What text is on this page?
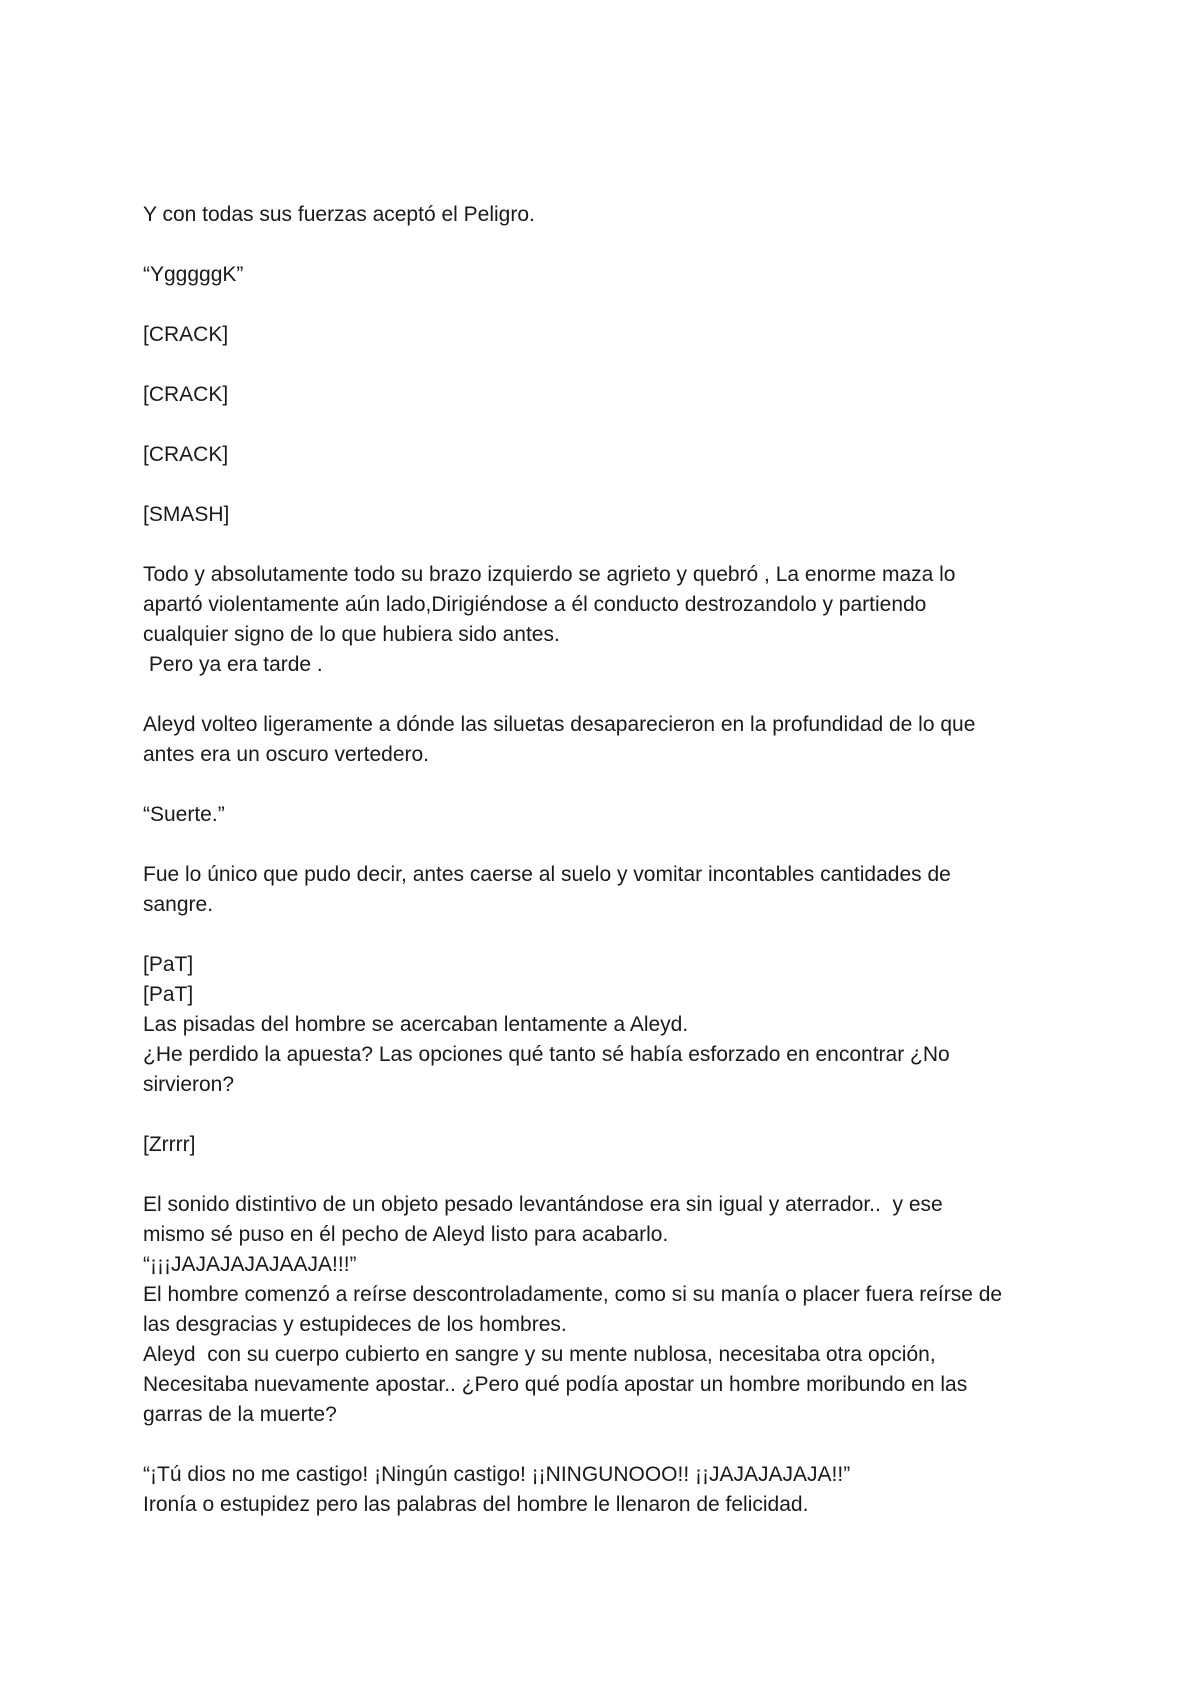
Y con todas sus fuerzas aceptó el Peligro.
“YgggggK”
[CRACK]
[CRACK]
[CRACK]
[SMASH]
Todo y absolutamente todo su brazo izquierdo se agrieto y quebró , La enorme maza lo
apartó violentamente aún lado,Dirigiéndose a él conducto destrozandolo y partiendo
cualquier signo de lo que hubiera sido antes.
Pero ya era tarde .
Aleyd volteo ligeramente a dónde las siluetas desaparecieron en la profundidad de lo que
antes era un oscuro vertedero.
“Suerte.”
Fue lo único que pudo decir, antes caerse al suelo y vomitar incontables cantidades de
sangre.
[PaT]
[PaT]
Las pisadas del hombre se acercaban lentamente a Aleyd.
¿He perdido la apuesta? Las opciones qué tanto sé había esforzado en encontrar ¿No
sirvieron?
[Zrrrr]
El sonido distintivo de un objeto pesado levantándose era sin igual y aterrador..  y ese
mismo sé puso en él pecho de Aleyd listo para acabarlo.
“¡¡¡JAJAJAJAJAAJA!!!”
El hombre comenzó a reírse descontroladamente, como si su manía o placer fuera reírse de
las desgracias y estupideces de los hombres.
Aleyd  con su cuerpo cubierto en sangre y su mente nublosa, necesitaba otra opción,
Necesitaba nuevamente apostar.. ¿Pero qué podía apostar un hombre moribundo en las
garras de la muerte?
“¡Tú dios no me castigo! ¡Ningún castigo! ¡¡NINGUNOOO!! ¡¡JAJAJAJAJA!!”
Ironía o estupidez pero las palabras del hombre le llenaron de felicidad.
